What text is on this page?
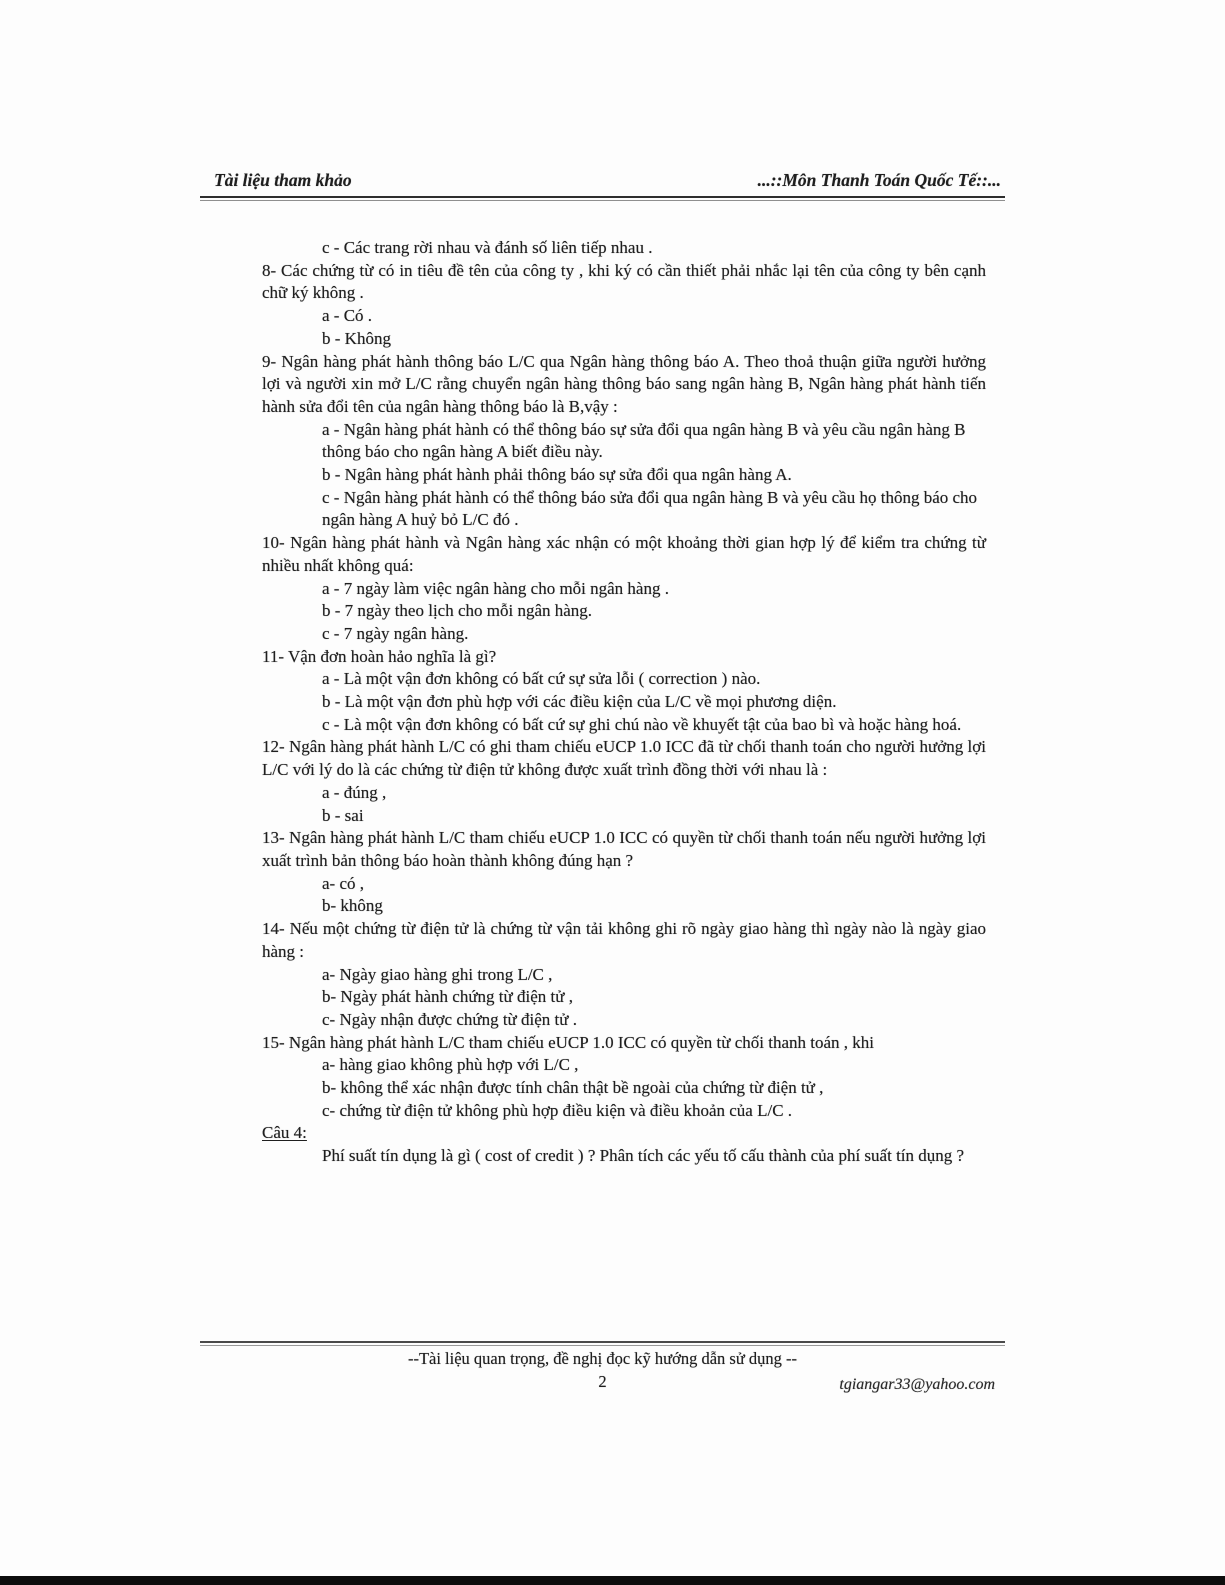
Tài liệu tham khảo	...::Môn Thanh Toán Quốc Tế::...

c - Các trang rời nhau và đánh số liên tiếp nhau .

8- Các chứng từ có in tiêu đề tên của công ty , khi ký có cần thiết phải nhắc lại tên của công ty bên cạnh chữ ký không .

a - Có .

b - Không

9- Ngân hàng phát hành thông báo L/C qua Ngân hàng thông báo A. Theo thoả thuận giữa người hưởng lợi và người xin mở L/C rằng chuyển ngân hàng thông báo sang ngân hàng B, Ngân hàng phát hành tiến hành sửa đổi tên của ngân hàng thông báo là B,vậy :

a - Ngân hàng phát hành có thể thông báo sự sửa đổi qua ngân hàng B và yêu cầu ngân hàng B thông báo cho ngân hàng A biết điều này.

b - Ngân hàng phát hành phải thông báo sự sửa đổi qua ngân hàng A.

c - Ngân hàng phát hành có thể thông báo sửa đổi qua ngân hàng B và yêu cầu họ thông báo cho ngân hàng A huỷ bỏ L/C đó .

10- Ngân hàng phát hành và Ngân hàng xác nhận có một khoảng thời gian hợp lý để kiểm tra chứng từ nhiều nhất không quá:

a - 7 ngày làm việc ngân hàng cho mỗi ngân hàng .

b - 7 ngày theo lịch cho mỗi ngân hàng.

c - 7 ngày ngân hàng.

11- Vận đơn hoàn hảo nghĩa là gì?

a - Là một vận đơn không có bất cứ sự sửa lỗi ( correction ) nào.

b - Là một vận đơn phù hợp với các điều kiện của L/C về mọi phương diện.

c - Là một vận đơn không có bất cứ sự ghi chú nào về khuyết tật của bao bì và hoặc hàng hoá.

12- Ngân hàng phát hành L/C có ghi tham chiếu eUCP 1.0 ICC đã từ chối thanh toán cho người hưởng lợi L/C với lý do là các chứng từ điện tử không được xuất trình đồng thời với nhau là :

a - đúng ,

b - sai

13- Ngân hàng phát hành L/C tham chiếu eUCP 1.0 ICC có quyền từ chối thanh toán nếu người hưởng lợi xuất trình bản thông báo hoàn thành không đúng hạn ?

a- có ,

b- không

14- Nếu một chứng từ điện tử là chứng từ vận tải không ghi rõ ngày giao hàng thì ngày nào là ngày giao hàng :

a- Ngày giao hàng ghi trong L/C ,

b- Ngày phát hành chứng từ điện tử ,

c- Ngày nhận được chứng từ điện tử .

15- Ngân hàng phát hành L/C tham chiếu eUCP 1.0 ICC có quyền từ chối thanh toán , khi

a- hàng giao không phù hợp với L/C ,

b- không thể xác nhận được tính chân thật bề ngoài của chứng từ điện tử ,

c- chứng từ điện tử không phù hợp điều kiện và điều khoản của L/C .

Câu 4:

Phí suất tín dụng là gì ( cost of credit ) ? Phân tích các yếu tố cấu thành của phí suất tín dụng ?

--Tài liệu quan trọng, đề nghị đọc kỹ hướng dẫn sử dụng --

2	tgiangar33@yahoo.com
